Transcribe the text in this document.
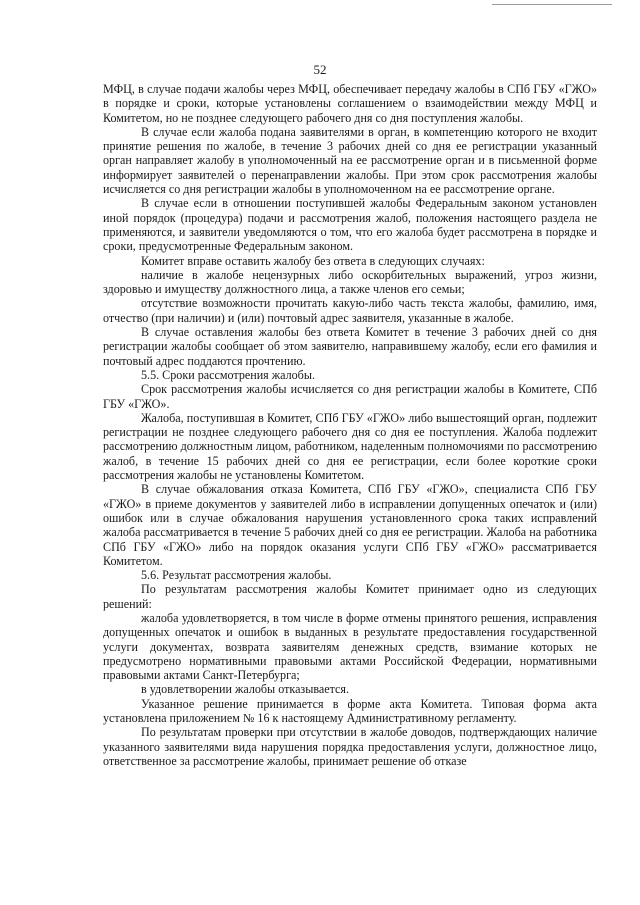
52

МФЦ, в случае подачи жалобы через МФЦ, обеспечивает передачу жалобы в СПб ГБУ «ГЖО» в порядке и сроки, которые установлены соглашением о взаимодействии между МФЦ и Комитетом, но не позднее следующего рабочего дня со дня поступления жалобы.

В случае если жалоба подана заявителями в орган, в компетенцию которого не входит принятие решения по жалобе, в течение 3 рабочих дней со дня ее регистрации указанный орган направляет жалобу в уполномоченный на ее рассмотрение орган и в письменной форме информирует заявителей о перенаправлении жалобы. При этом срок рассмотрения жалобы исчисляется со дня регистрации жалобы в уполномоченном на ее рассмотрение органе.

В случае если в отношении поступившей жалобы Федеральным законом установлен иной порядок (процедура) подачи и рассмотрения жалоб, положения настоящего раздела не применяются, и заявители уведомляются о том, что его жалоба будет рассмотрена в порядке и сроки, предусмотренные Федеральным законом.

Комитет вправе оставить жалобу без ответа в следующих случаях:

наличие в жалобе нецензурных либо оскорбительных выражений, угроз жизни, здоровью и имуществу должностного лица, а также членов его семьи;

отсутствие возможности прочитать какую-либо часть текста жалобы, фамилию, имя, отчество (при наличии) и (или) почтовый адрес заявителя, указанные в жалобе.

В случае оставления жалобы без ответа Комитет в течение 3 рабочих дней со дня регистрации жалобы сообщает об этом заявителю, направившему жалобу, если его фамилия и почтовый адрес поддаются прочтению.

5.5. Сроки рассмотрения жалобы.

Срок рассмотрения жалобы исчисляется со дня регистрации жалобы в Комитете, СПб ГБУ «ГЖО».

Жалоба, поступившая в Комитет, СПб ГБУ «ГЖО» либо вышестоящий орган, подлежит регистрации не позднее следующего рабочего дня со дня ее поступления. Жалоба подлежит рассмотрению должностным лицом, работником, наделенным полномочиями по рассмотрению жалоб, в течение 15 рабочих дней со дня ее регистрации, если более короткие сроки рассмотрения жалобы не установлены Комитетом.

В случае обжалования отказа Комитета, СПб ГБУ «ГЖО», специалиста СПб ГБУ «ГЖО» в приеме документов у заявителей либо в исправлении допущенных опечаток и (или) ошибок или в случае обжалования нарушения установленного срока таких исправлений жалоба рассматривается в течение 5 рабочих дней со дня ее регистрации. Жалоба на работника СПб ГБУ «ГЖО» либо на порядок оказания услуги СПб ГБУ «ГЖО» рассматривается Комитетом.

5.6. Результат рассмотрения жалобы.

По результатам рассмотрения жалобы Комитет принимает одно из следующих решений:

жалоба удовлетворяется, в том числе в форме отмены принятого решения, исправления допущенных опечаток и ошибок в выданных в результате предоставления государственной услуги документах, возврата заявителям денежных средств, взимание которых не предусмотрено нормативными правовыми актами Российской Федерации, нормативными правовыми актами Санкт-Петербурга;

в удовлетворении жалобы отказывается.

Указанное решение принимается в форме акта Комитета. Типовая форма акта установлена приложением № 16 к настоящему Административному регламенту.

По результатам проверки при отсутствии в жалобе доводов, подтверждающих наличие указанного заявителями вида нарушения порядка предоставления услуги, должностное лицо, ответственное за рассмотрение жалобы, принимает решение об отказе
